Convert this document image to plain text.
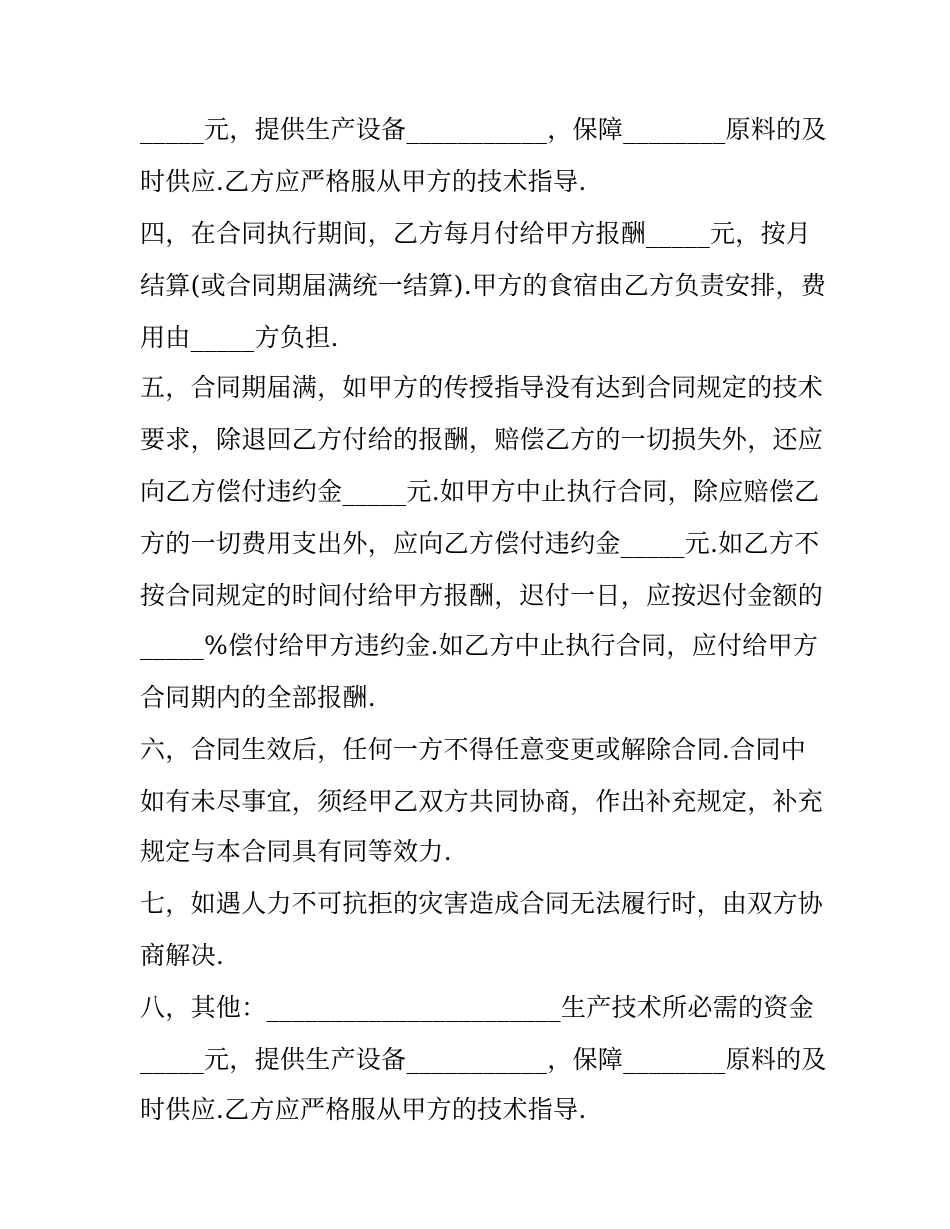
_____元，提供生产设备___________，保障________原料的及
时供应.乙方应严格服从甲方的技术指导.
四，在合同执行期间，乙方每月付给甲方报酬_____元，按月
结算(或合同期届满统一结算).甲方的食宿由乙方负责安排，费
用由_____方负担.
五，合同期届满，如甲方的传授指导没有达到合同规定的技术
要求，除退回乙方付给的报酬，赔偿乙方的一切损失外，还应
向乙方偿付违约金_____元.如甲方中止执行合同，除应赔偿乙
方的一切费用支出外，应向乙方偿付违约金_____元.如乙方不
按合同规定的时间付给甲方报酬，迟付一日，应按迟付金额的
_____%偿付给甲方违约金.如乙方中止执行合同，应付给甲方
合同期内的全部报酬.
六，合同生效后，任何一方不得任意变更或解除合同.合同中
如有未尽事宜，须经甲乙双方共同协商，作出补充规定，补充
规定与本合同具有同等效力.
七，如遇人力不可抗拒的灾害造成合同无法履行时，由双方协
商解决.
八，其他：_______________________生产技术所必需的资金
_____元，提供生产设备___________，保障________原料的及
时供应.乙方应严格服从甲方的技术指导.
